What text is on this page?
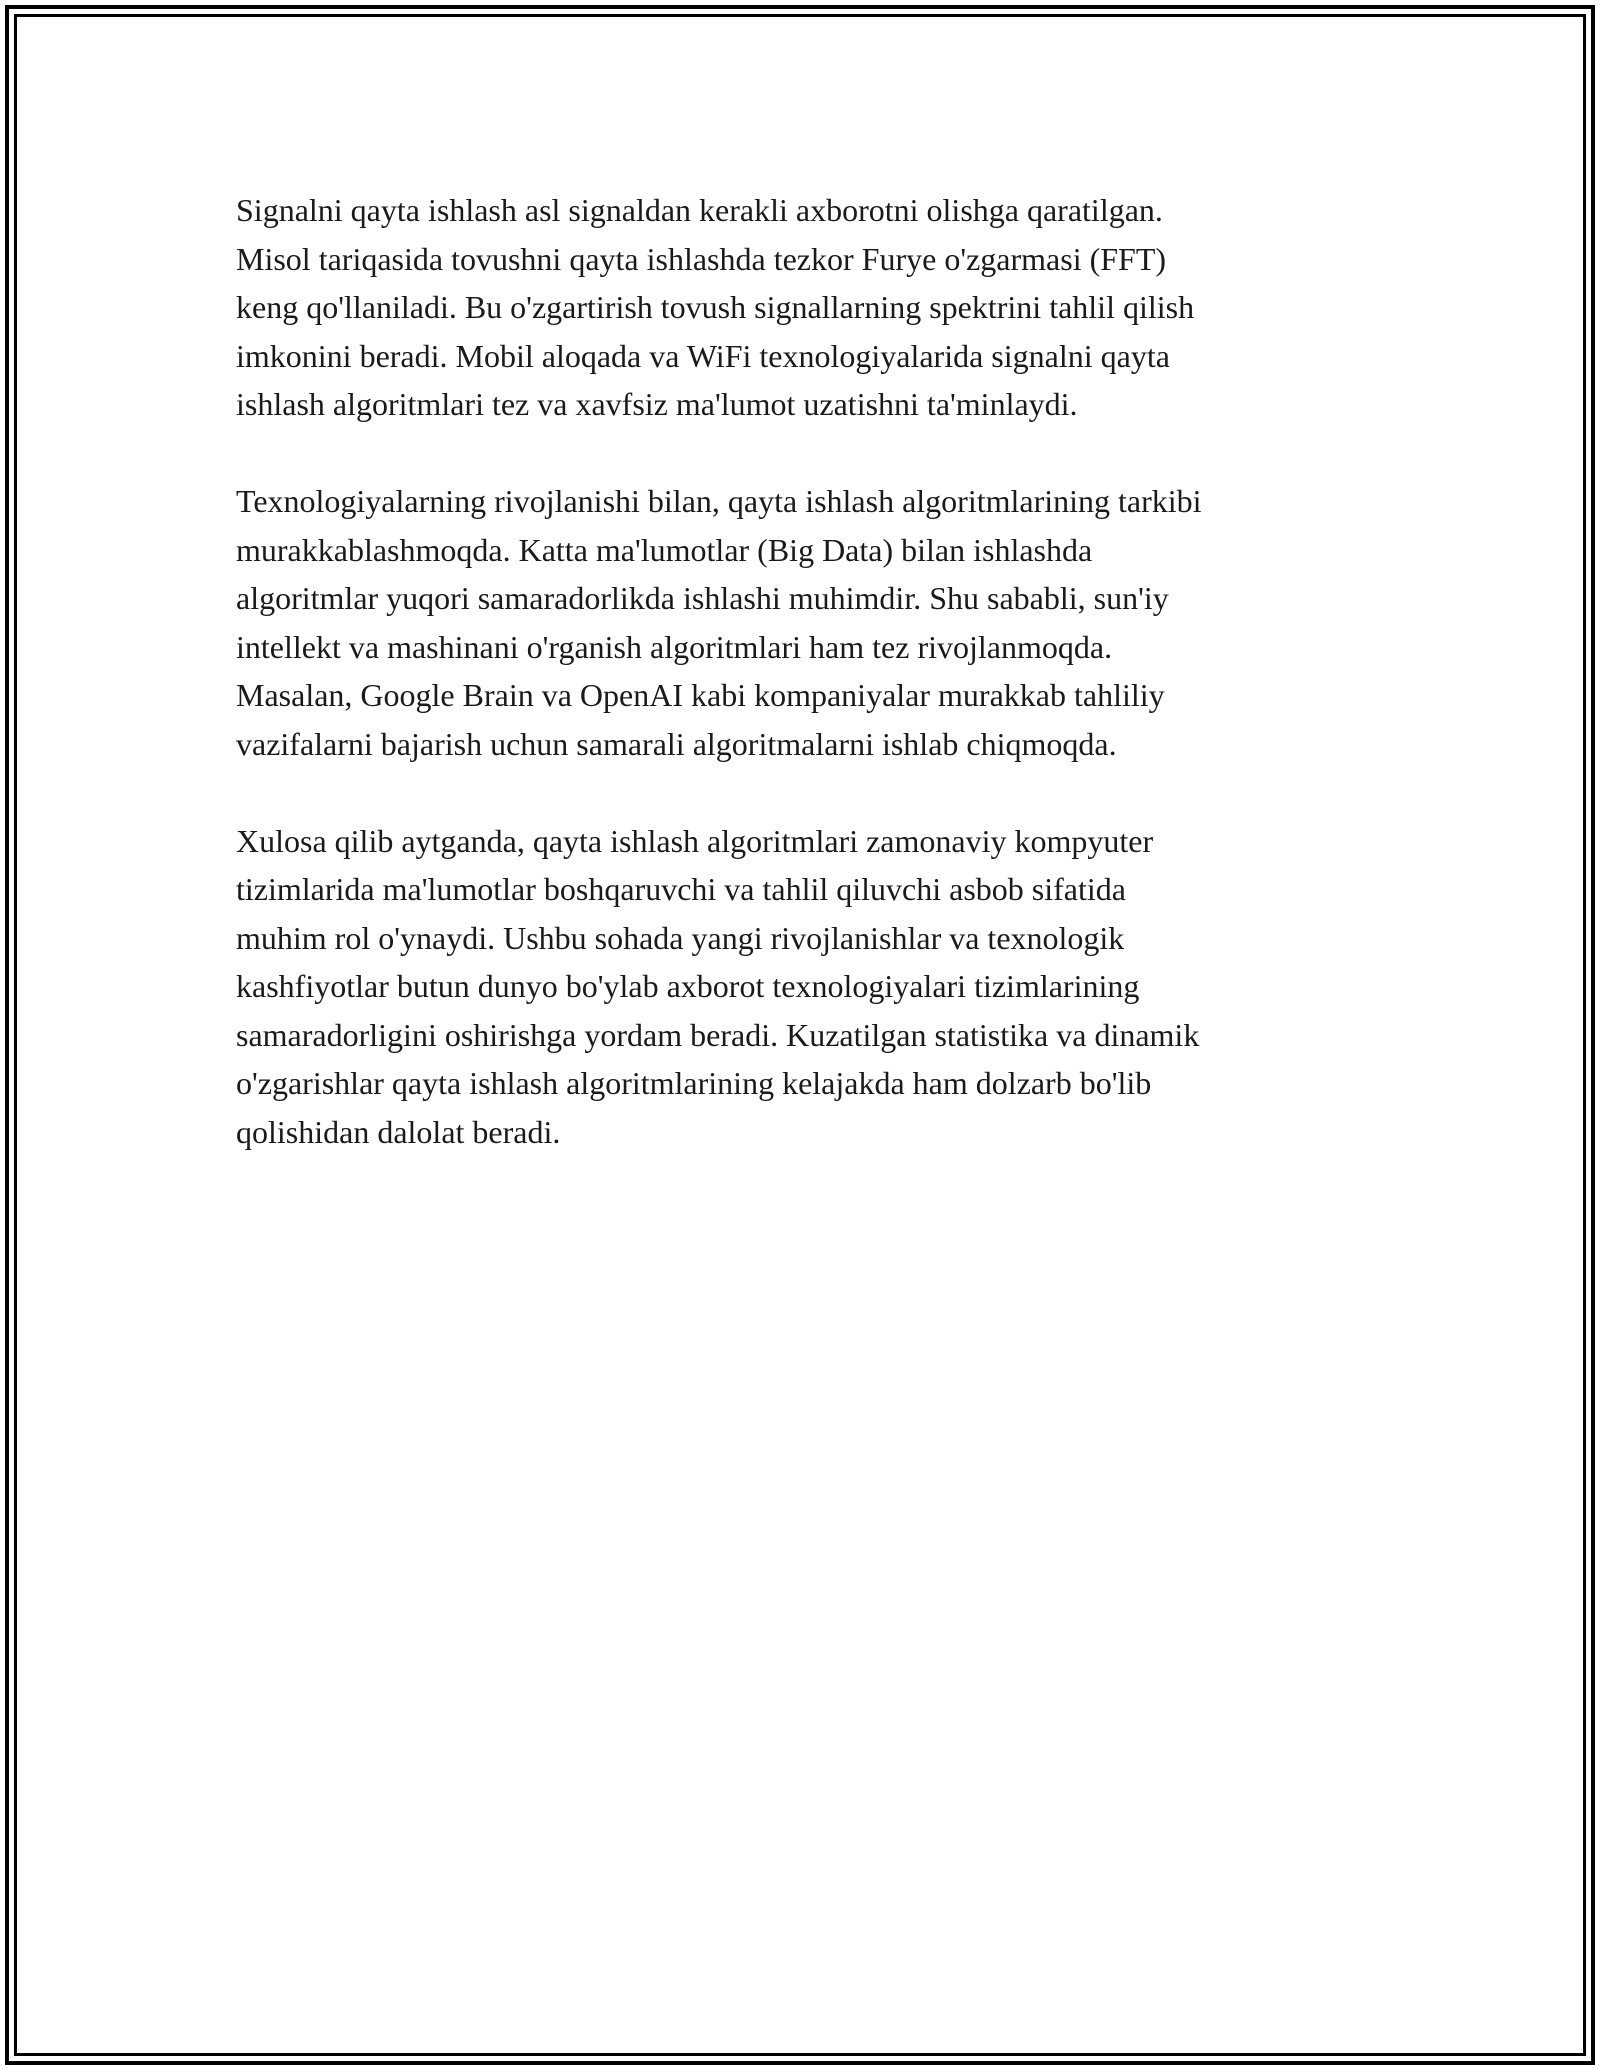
Signalni qayta ishlash asl signaldan kerakli axborotni olishga qaratilgan.
Misol tariqasida tovushni qayta ishlashda tezkor Furye o'zgarmasi (FFT)
keng qo'llaniladi. Bu o'zgartirish tovush signallarning spektrini tahlil qilish
imkonini beradi. Mobil aloqada va WiFi texnologiyalarida signalni qayta
ishlash algoritmlari tez va xavfsiz ma'lumot uzatishni ta'minlaydi.

Texnologiyalarning rivojlanishi bilan, qayta ishlash algoritmlarining tarkibi
murakkablashmoqda. Katta ma'lumotlar (Big Data) bilan ishlashda
algoritmlar yuqori samaradorlikda ishlashi muhimdir. Shu sababli, sun'iy
intellekt va mashinani o'rganish algoritmlari ham tez rivojlanmoqda.
Masalan, Google Brain va OpenAI kabi kompaniyalar murakkab tahliliy
vazifalarni bajarish uchun samarali algoritmalarni ishlab chiqmoqda.

Xulosa qilib aytganda, qayta ishlash algoritmlari zamonaviy kompyuter
tizimlarida ma'lumotlar boshqaruvchi va tahlil qiluvchi asbob sifatida
muhim rol o'ynaydi. Ushbu sohada yangi rivojlanishlar va texnologik
kashfiyotlar butun dunyo bo'ylab axborot texnologiyalari tizimlarining
samaradorligini oshirishga yordam beradi. Kuzatilgan statistika va dinamik
o'zgarishlar qayta ishlash algoritmlarining kelajakda ham dolzarb bo'lib
qolishidan dalolat beradi.
